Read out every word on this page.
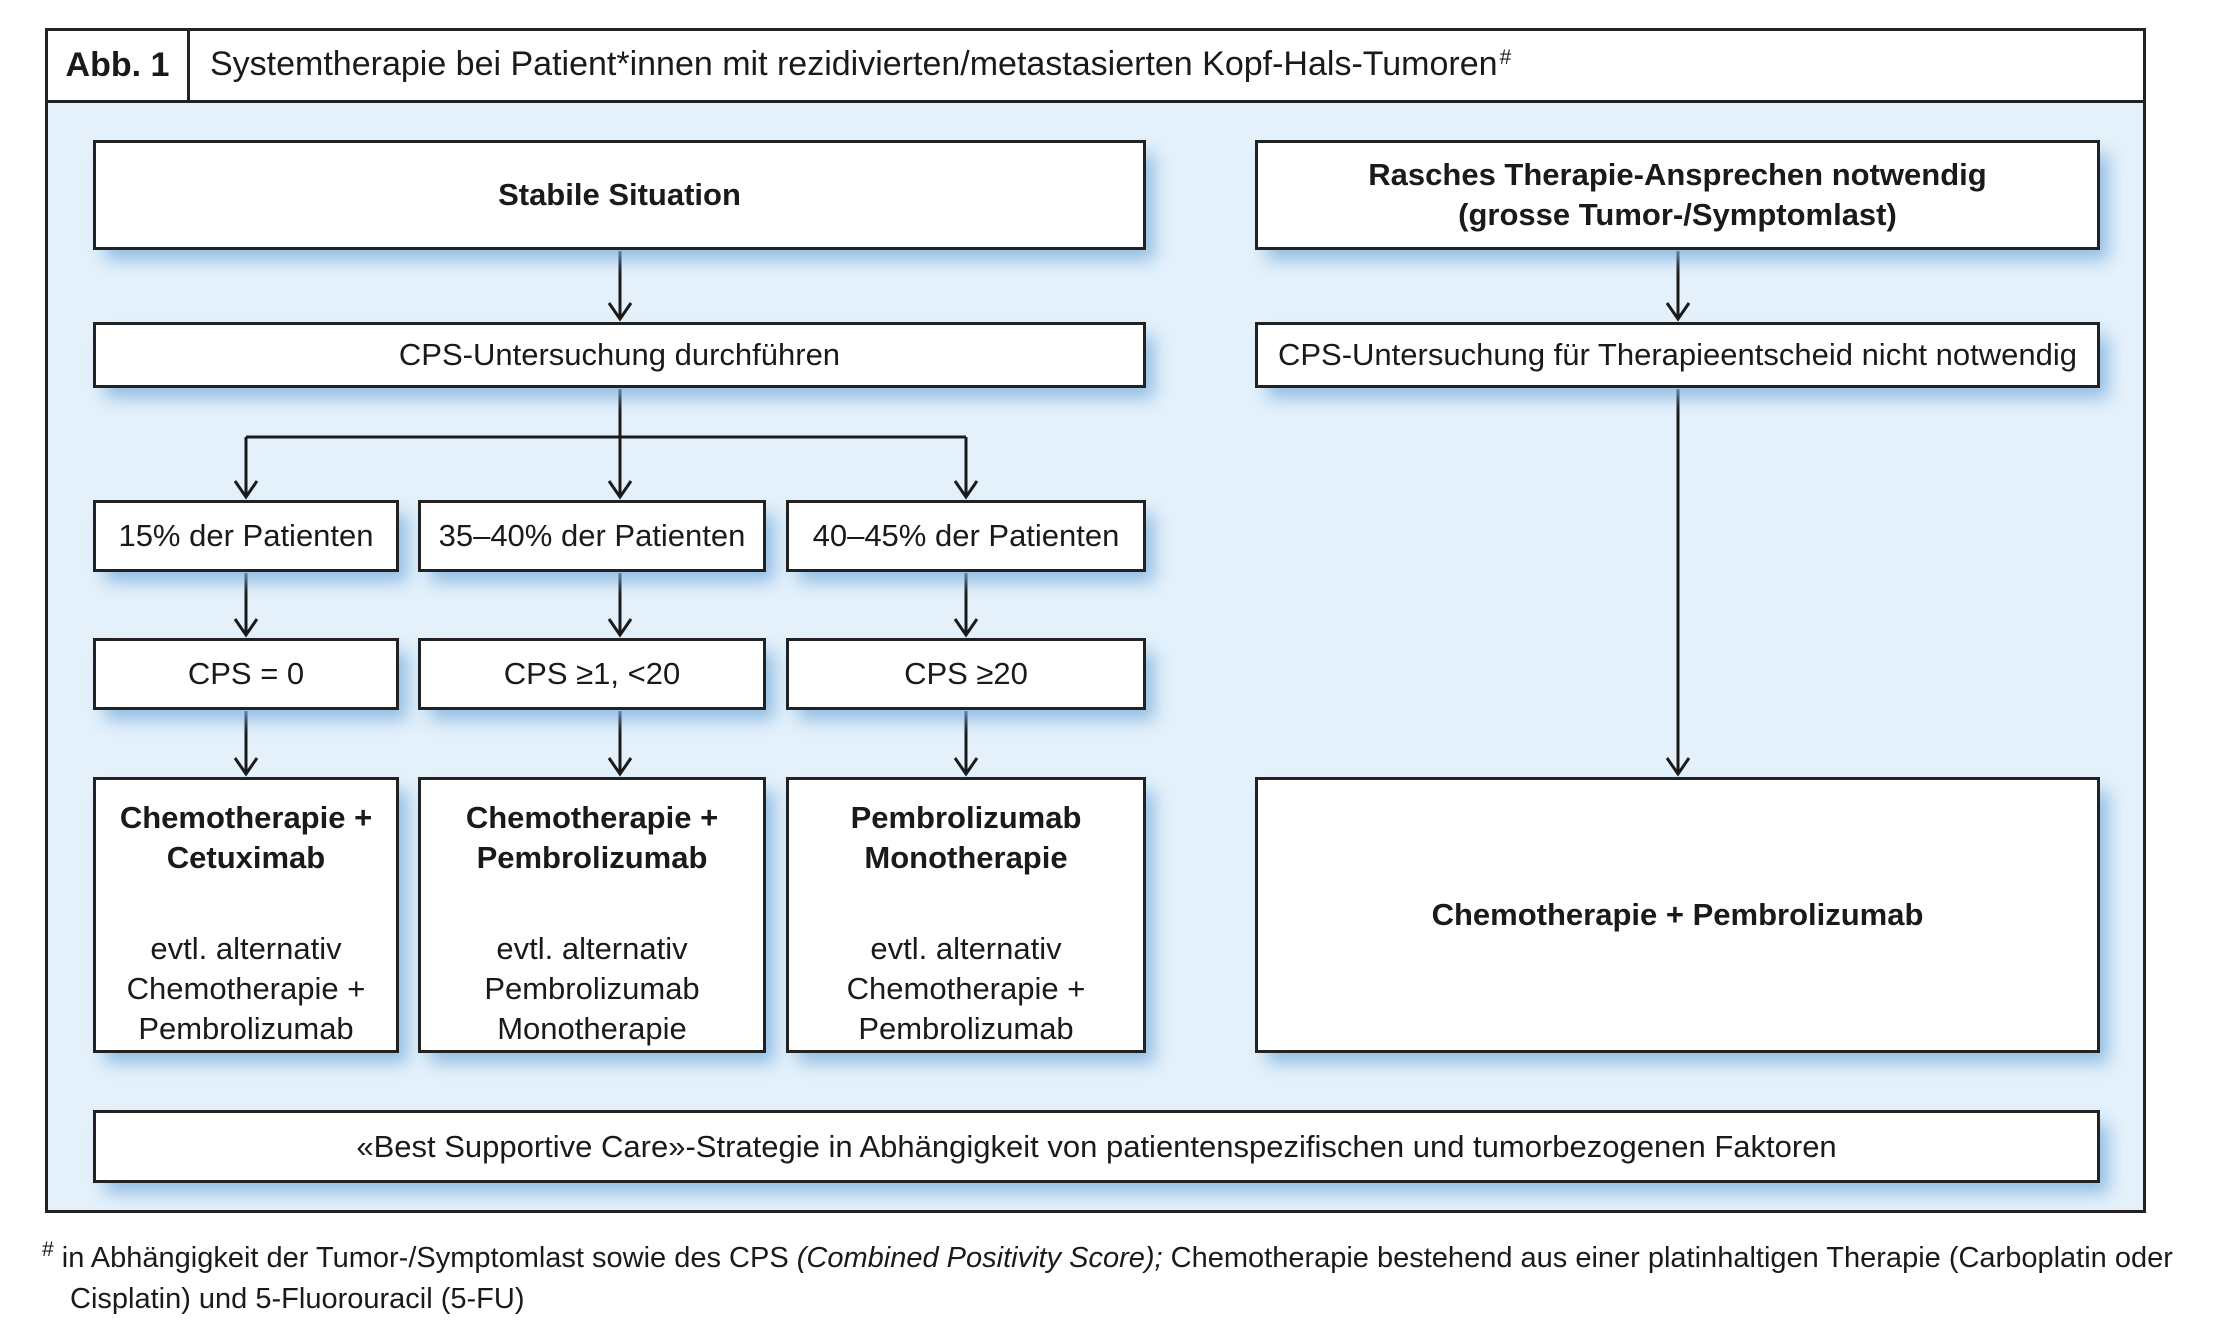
Abb. 1 Systemtherapie bei Patient*innen mit rezidivierten/metastasierten Kopf-Hals-Tumoren #
Stabile Situation
Rasches Therapie-Ansprechen notwendig
(grosse Tumor-/Symptomlast)
CPS-Untersuchung durchführen	CPS-Untersuchung für Therapieentscheid nicht notwendig
15% der Patienten 35–40% der Patienten 40–45% der Patienten
CPS = 0	CPS ≥1, <20	CPS ≥20
Chemotherapie +
Cetuximab
evtl. alternativ
Chemotherapie +
Pembrolizumab
Chemotherapie +
Pembrolizumab
evtl. alternativ
Pembrolizumab
Monotherapie
Pembrolizumab
Monotherapie
evtl. alternativ
Chemotherapie +
Pembrolizumab
Chemotherapie + Pembrolizumab
«Best Supportive Care»-Strategie in Abhängigkeit von patientenspezifischen und tumorbezogenen Faktoren
# in Abhängigkeit der Tumor-/Symptomlast sowie des CPS (Combined Positivity Score); Chemotherapie bestehend aus einer platinhaltigen Therapie (Carboplatin oder
Cisplatin) und 5-Fluorouracil (5-FU)
